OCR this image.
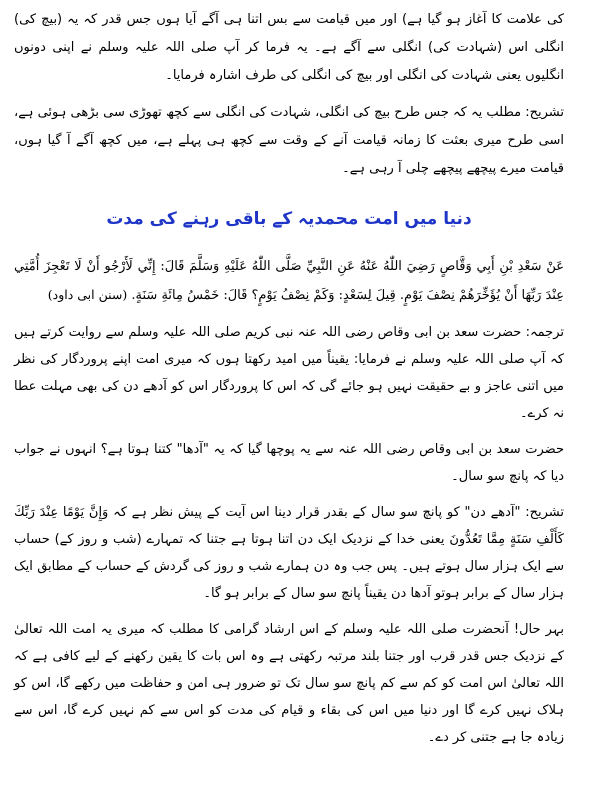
کی علامت کا آغاز ہو گیا ہے) اور میں قیامت سے بس اتنا ہی آگے آیا ہوں جس قدر کہ یہ (بیچ کی) انگلی اس (شہادت کی) انگلی سے آگے ہے۔ یہ فرما کر آپ صلی اللہ علیہ وسلم نے اپنی دونوں انگلیوں یعنی شہادت کی انگلی اور بیچ کی انگلی کی طرف اشارہ فرمایا۔

تشریح: مطلب یہ کہ جس طرح بیچ کی انگلی، شہادت کی انگلی سے کچھ تھوڑی سی بڑھی ہوئی ہے، اسی طرح میری بعثت کا زمانہ قیامت آنے کے وقت سے کچھ ہی پہلے ہے، میں کچھ آگے آ گیا ہوں، قیامت میرے پیچھے پیچھے چلی آ رہی ہے۔

دنیا میں امت محمدیہ کے باقی رہنے کی مدت

عَنْ سَعْدِ بْنِ أَبِي وَقَّاصٍ رَضِيَ اللّٰهُ عَنْهُ عَنِ النَّبِيِّ صَلَّى اللّٰهُ عَلَيْهِ وَسَلَّمَ قَالَ: إِنِّي لَأَرْجُو أَنْ لَا تَعْجِزَ أُمَّتِي عِنْدَ رَبِّهَا أَنْ يُؤَخِّرَهُمْ نِصْفَ يَوْمٍ. قِيلَ لِسَعْدٍ: وَكَمْ نِصْفُ يَوْمٍ؟ قَالَ: خَمْسُ مِائَةِ سَنَةٍ. (سنن ابی داود)

ترجمہ: حضرت سعد بن ابی وقاص رضی اللہ عنہ نبی کریم صلی اللہ علیہ وسلم سے روایت کرتے ہیں کہ آپ صلی اللہ علیہ وسلم نے فرمایا: یقیناً میں امید رکھتا ہوں کہ میری امت اپنے پروردگار کی نظر میں اتنی عاجز و بے حقیقت نہیں ہو جائے گی کہ اس کا پروردگار اس کو آدھے دن کی بھی مہلت عطا نہ کرے۔

حضرت سعد بن ابی وقاص رضی اللہ عنہ سے یہ پوچھا گیا کہ یہ "آدھا" کتنا ہوتا ہے؟ انہوں نے جواب دیا کہ پانچ سو سال۔

تشریح: "آدھے دن" کو پانچ سو سال کے بقدر قرار دینا اس آیت کے پیش نظر ہے کہ وَإِنَّ يَوْمًا عِنْدَ رَبِّكَ كَأَلْفِ سَنَةٍ مِمَّا تَعُدُّونَ یعنی خدا کے نزدیک ایک دن اتنا ہوتا ہے جتنا کہ تمہارے (شب و روز کے) حساب سے ایک ہزار سال ہوتے ہیں۔ پس جب وہ دن ہمارے شب و روز کی گردش کے حساب کے مطابق ایک ہزار سال کے برابر ہوتو آدھا دن یقیناً پانچ سو سال کے برابر ہو گا۔

بہر حال! آنحضرت صلی اللہ علیہ وسلم کے اس ارشاد گرامی کا مطلب کہ میری یہ امت اللہ تعالیٰ کے نزدیک جس قدر قرب اور جتنا بلند مرتبہ رکھتی ہے وہ اس بات کا یقین رکھنے کے لیے کافی ہے کہ اللہ تعالیٰ اس امت کو کم سے کم پانچ سو سال تک تو ضرور ہی امن و حفاظت میں رکھے گا، اس کو ہلاک نہیں کرے گا اور دنیا میں اس کی بقاء و قیام کی مدت کو اس سے کم نہیں کرے گا، اس سے زیادہ جا ہے جتنی کر دے۔
